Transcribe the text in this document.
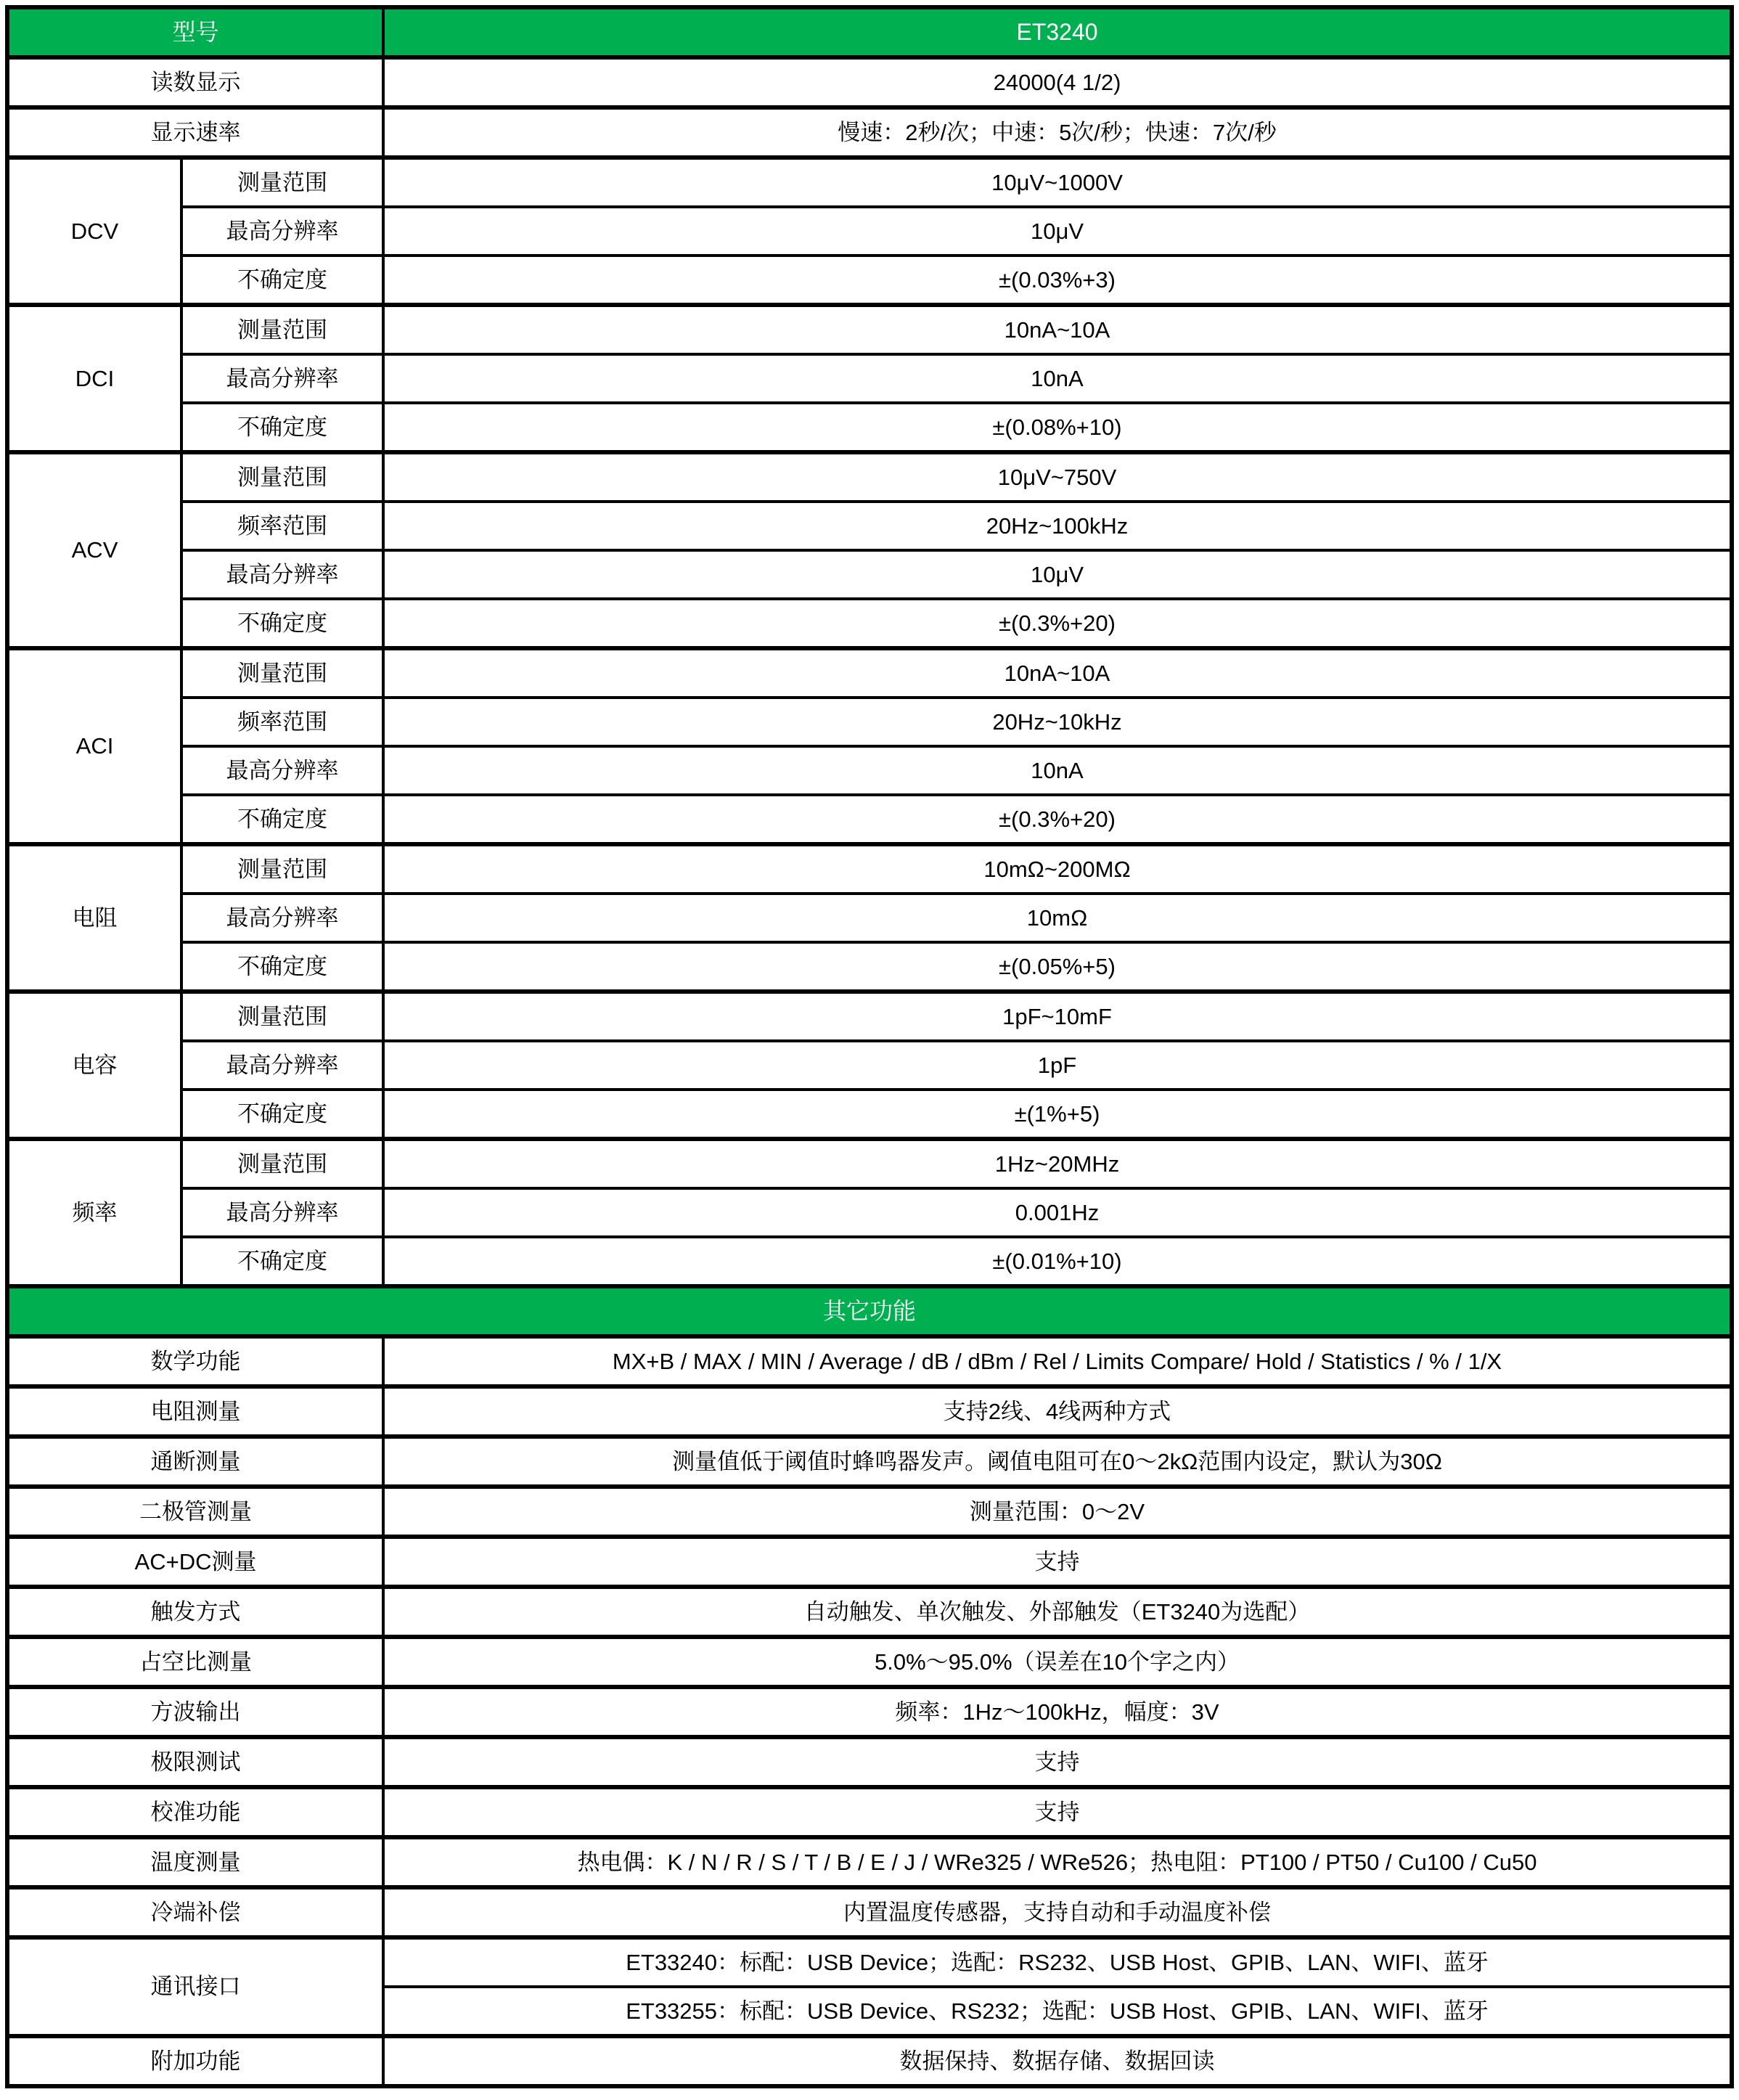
型号		ET3240
读数显示		24000(4 1/2)
显示速率		慢速：2秒/次；中速：5次/秒；快速：7次/秒
DCV	测量范围	10μV~1000V
	最高分辨率	10μV
	不确定度	±(0.03%+3)
DCI	测量范围	10nA~10A
	最高分辨率	10nA
	不确定度	±(0.08%+10)
ACV	测量范围	10μV~750V
	频率范围	20Hz~100kHz
	最高分辨率	10μV
	不确定度	±(0.3%+20)
ACI	测量范围	10nA~10A
	频率范围	20Hz~10kHz
	最高分辨率	10nA
	不确定度	±(0.3%+20)
电阻	测量范围	10mΩ~200MΩ
	最高分辨率	10mΩ
	不确定度	±(0.05%+5)
电容	测量范围	1pF~10mF
	最高分辨率	1pF
	不确定度	±(1%+5)
频率	测量范围	1Hz~20MHz
	最高分辨率	0.001Hz
	不确定度	±(0.01%+10)
其它功能		
数学功能		MX+B / MAX / MIN / Average / dB / dBm / Rel / Limits Compare/ Hold / Statistics / % / 1/X
电阻测量		支持2线、4线两种方式
通断测量		测量值低于阈值时蜂鸣器发声。阈值电阻可在0～2kΩ范围内设定，默认为30Ω
二极管测量		测量范围：0～2V
AC+DC测量		支持
触发方式		自动触发、单次触发、外部触发（ET3240为选配）
占空比测量		5.0%～95.0%（误差在10个字之内）
方波输出		频率：1Hz～100kHz，幅度：3V
极限测试		支持
校准功能		支持
温度测量		热电偶：K / N / R / S / T / B / E / J / WRe325 / WRe526；热电阻：PT100 / PT50 / Cu100 / Cu50
冷端补偿		内置温度传感器，支持自动和手动温度补偿
通讯接口		ET33240：标配：USB Device；选配：RS232、USB Host、GPIB、LAN、WIFI、蓝牙
		ET33255：标配：USB Device、RS232；选配：USB Host、GPIB、LAN、WIFI、蓝牙
附加功能		数据保持、数据存储、数据回读
